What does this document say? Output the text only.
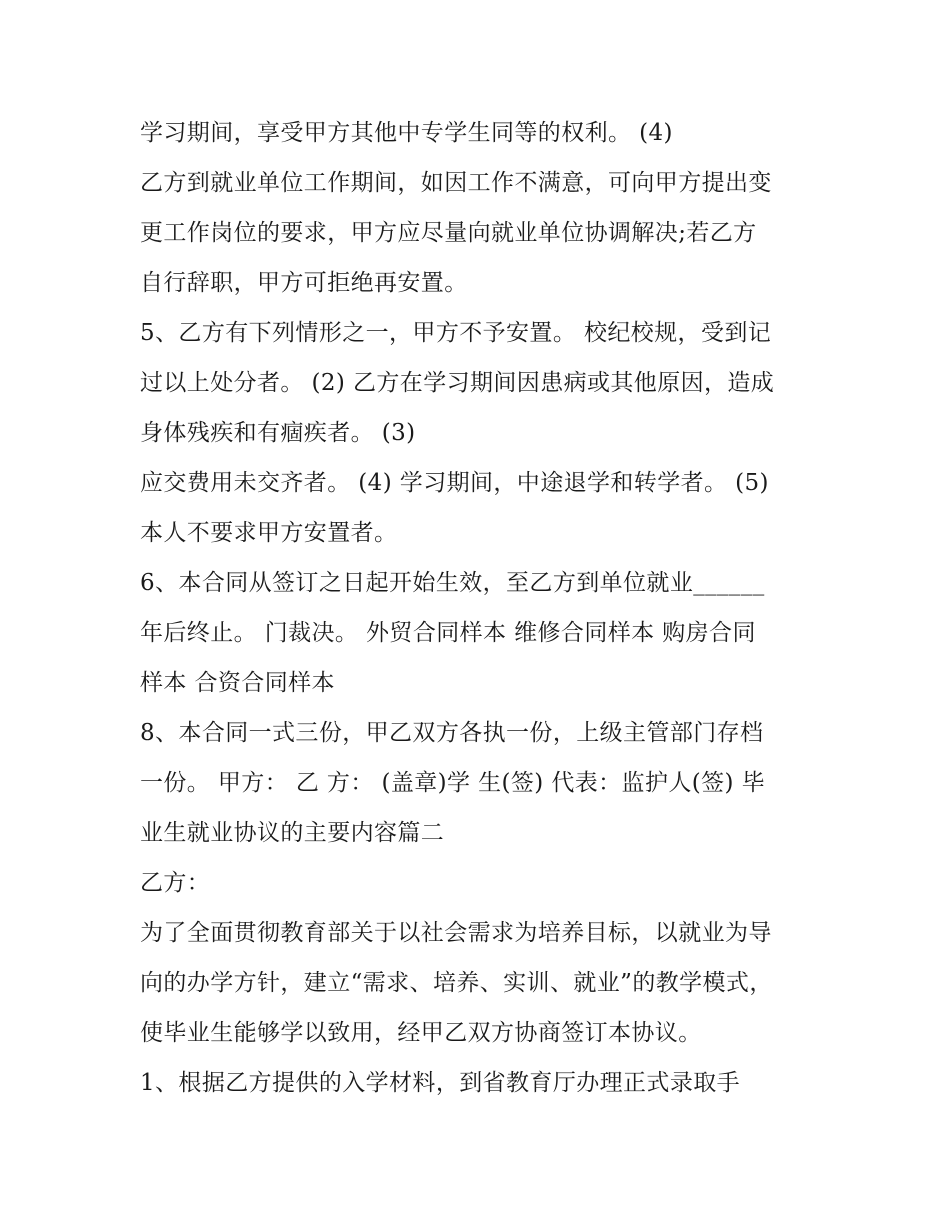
学习期间，享受甲方其他中专学生同等的权利。 (4)
乙方到就业单位工作期间，如因工作不满意，可向甲方提出变
更工作岗位的要求，甲方应尽量向就业单位协调解决;若乙方
自行辞职，甲方可拒绝再安置。
5、乙方有下列情形之一，甲方不予安置。 校纪校规，受到记
过以上处分者。 (2) 乙方在学习期间因患病或其他原因，造成
身体残疾和有痼疾者。 (3)
应交费用未交齐者。 (4) 学习期间，中途退学和转学者。 (5)
本人不要求甲方安置者。
6、本合同从签订之日起开始生效，至乙方到单位就业______
年后终止。 门裁决。 外贸合同样本 维修合同样本 购房合同
样本 合资合同样本
8、本合同一式三份，甲乙双方各执一份，上级主管部门存档
一份。 甲方： 乙 方： (盖章)学 生(签) 代表：监护人(签) 毕
业生就业协议的主要内容篇二
乙方：
为了全面贯彻教育部关于以社会需求为培养目标，以就业为导
向的办学方针，建立“需求、培养、实训、就业”的教学模式，
使毕业生能够学以致用，经甲乙双方协商签订本协议。
1、根据乙方提供的入学材料，到省教育厅办理正式录取手
